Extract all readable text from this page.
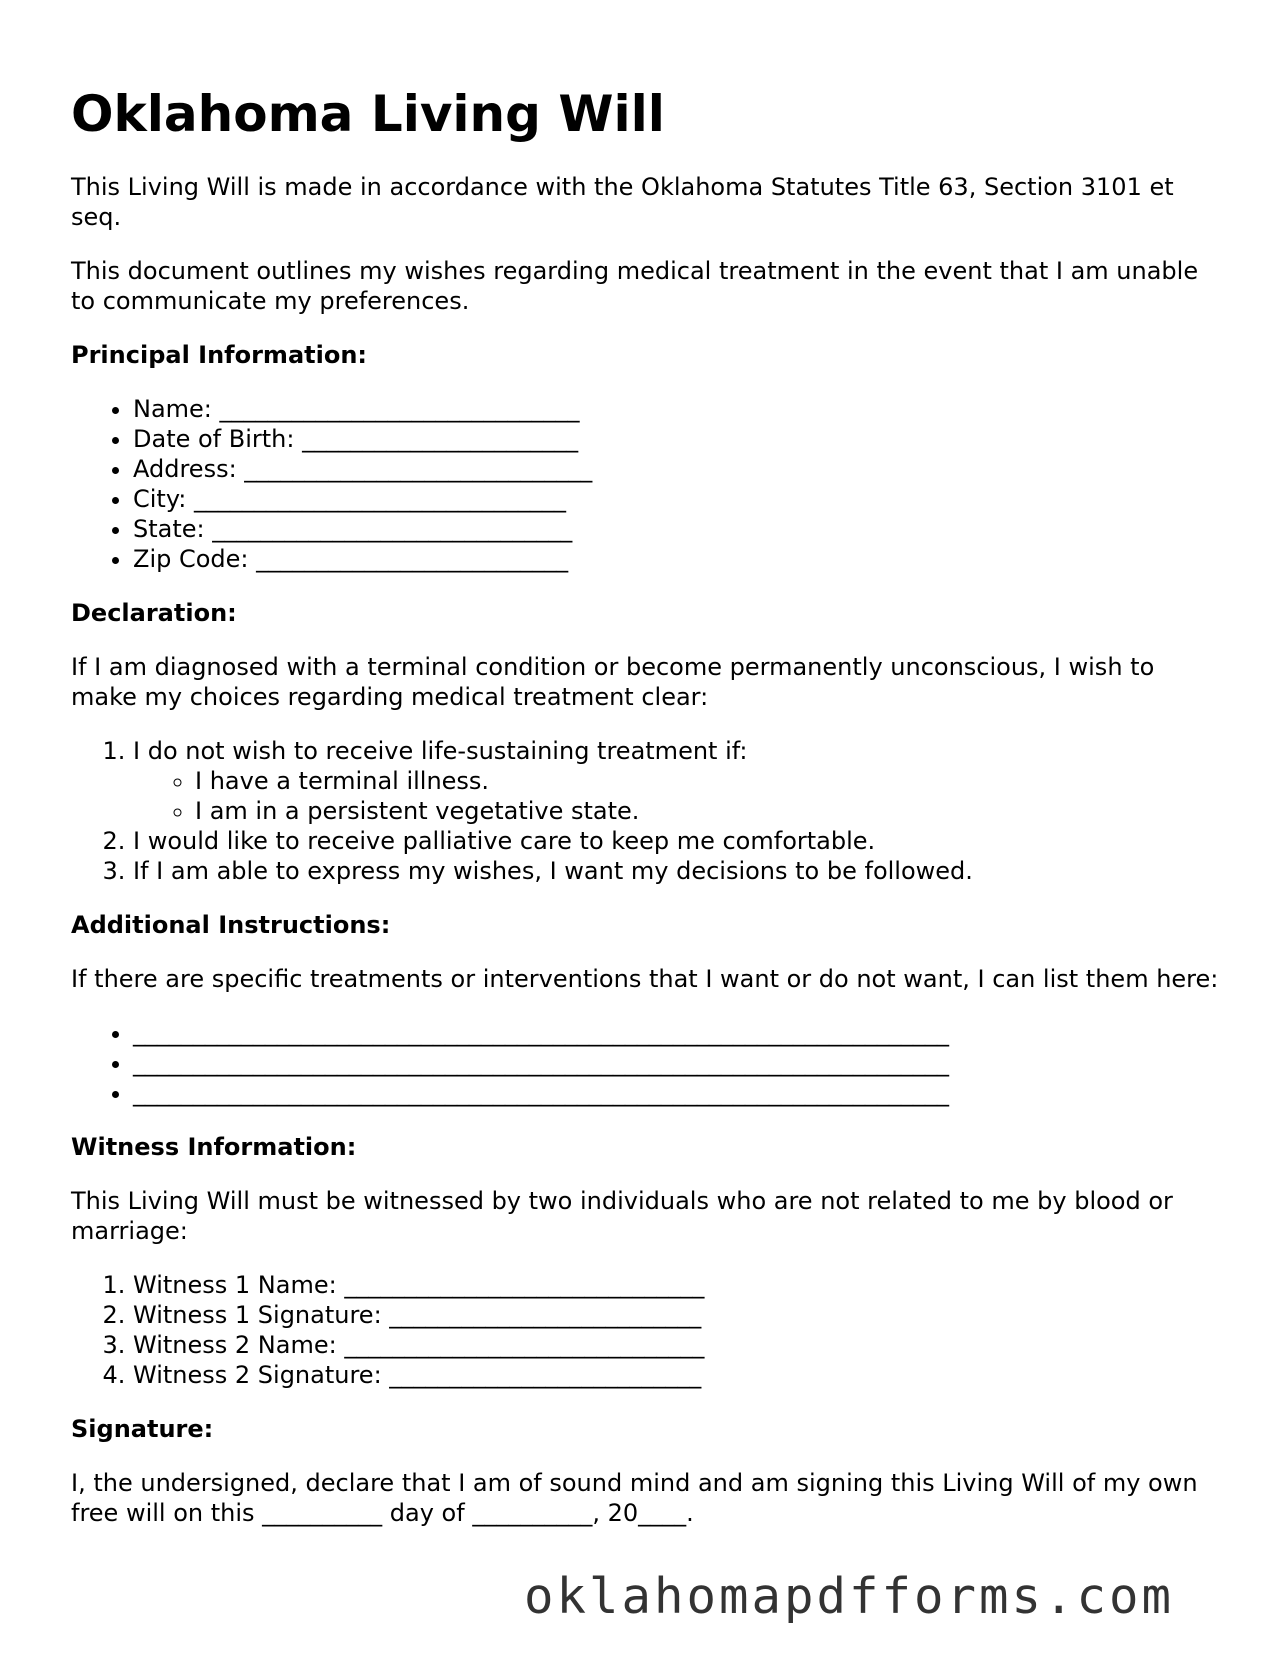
Oklahoma Living Will

This Living Will is made in accordance with the Oklahoma Statutes Title 63, Section 3101 et seq.

This document outlines my wishes regarding medical treatment in the event that I am unable to communicate my preferences.

Principal Information:
• Name: ______________________________
• Date of Birth: _______________________
• Address: _____________________________
• City: _______________________________
• State: ______________________________
• Zip Code: __________________________
Declaration:

If I am diagnosed with a terminal condition or become permanently unconscious, I wish to make my choices regarding medical treatment clear:

1. I do not wish to receive life-sustaining treatment if:
◦ I have a terminal illness.
◦ I am in a persistent vegetative state.
2. I would like to receive palliative care to keep me comfortable.
3. If I am able to express my wishes, I want my decisions to be followed.
Additional Instructions:

If there are specific treatments or interventions that I want or do not want, I can list them here:

• ____________________________________________________________________
• ____________________________________________________________________
• ____________________________________________________________________
Witness Information:

This Living Will must be witnessed by two individuals who are not related to me by blood or marriage:

1. Witness 1 Name: ______________________________
2. Witness 1 Signature: __________________________
3. Witness 2 Name: ______________________________
4. Witness 2 Signature: __________________________
Signature:

I, the undersigned, declare that I am of sound mind and am signing this Living Will of my own free will on this __________ day of __________, 20____.

oklahomapdfforms.com
